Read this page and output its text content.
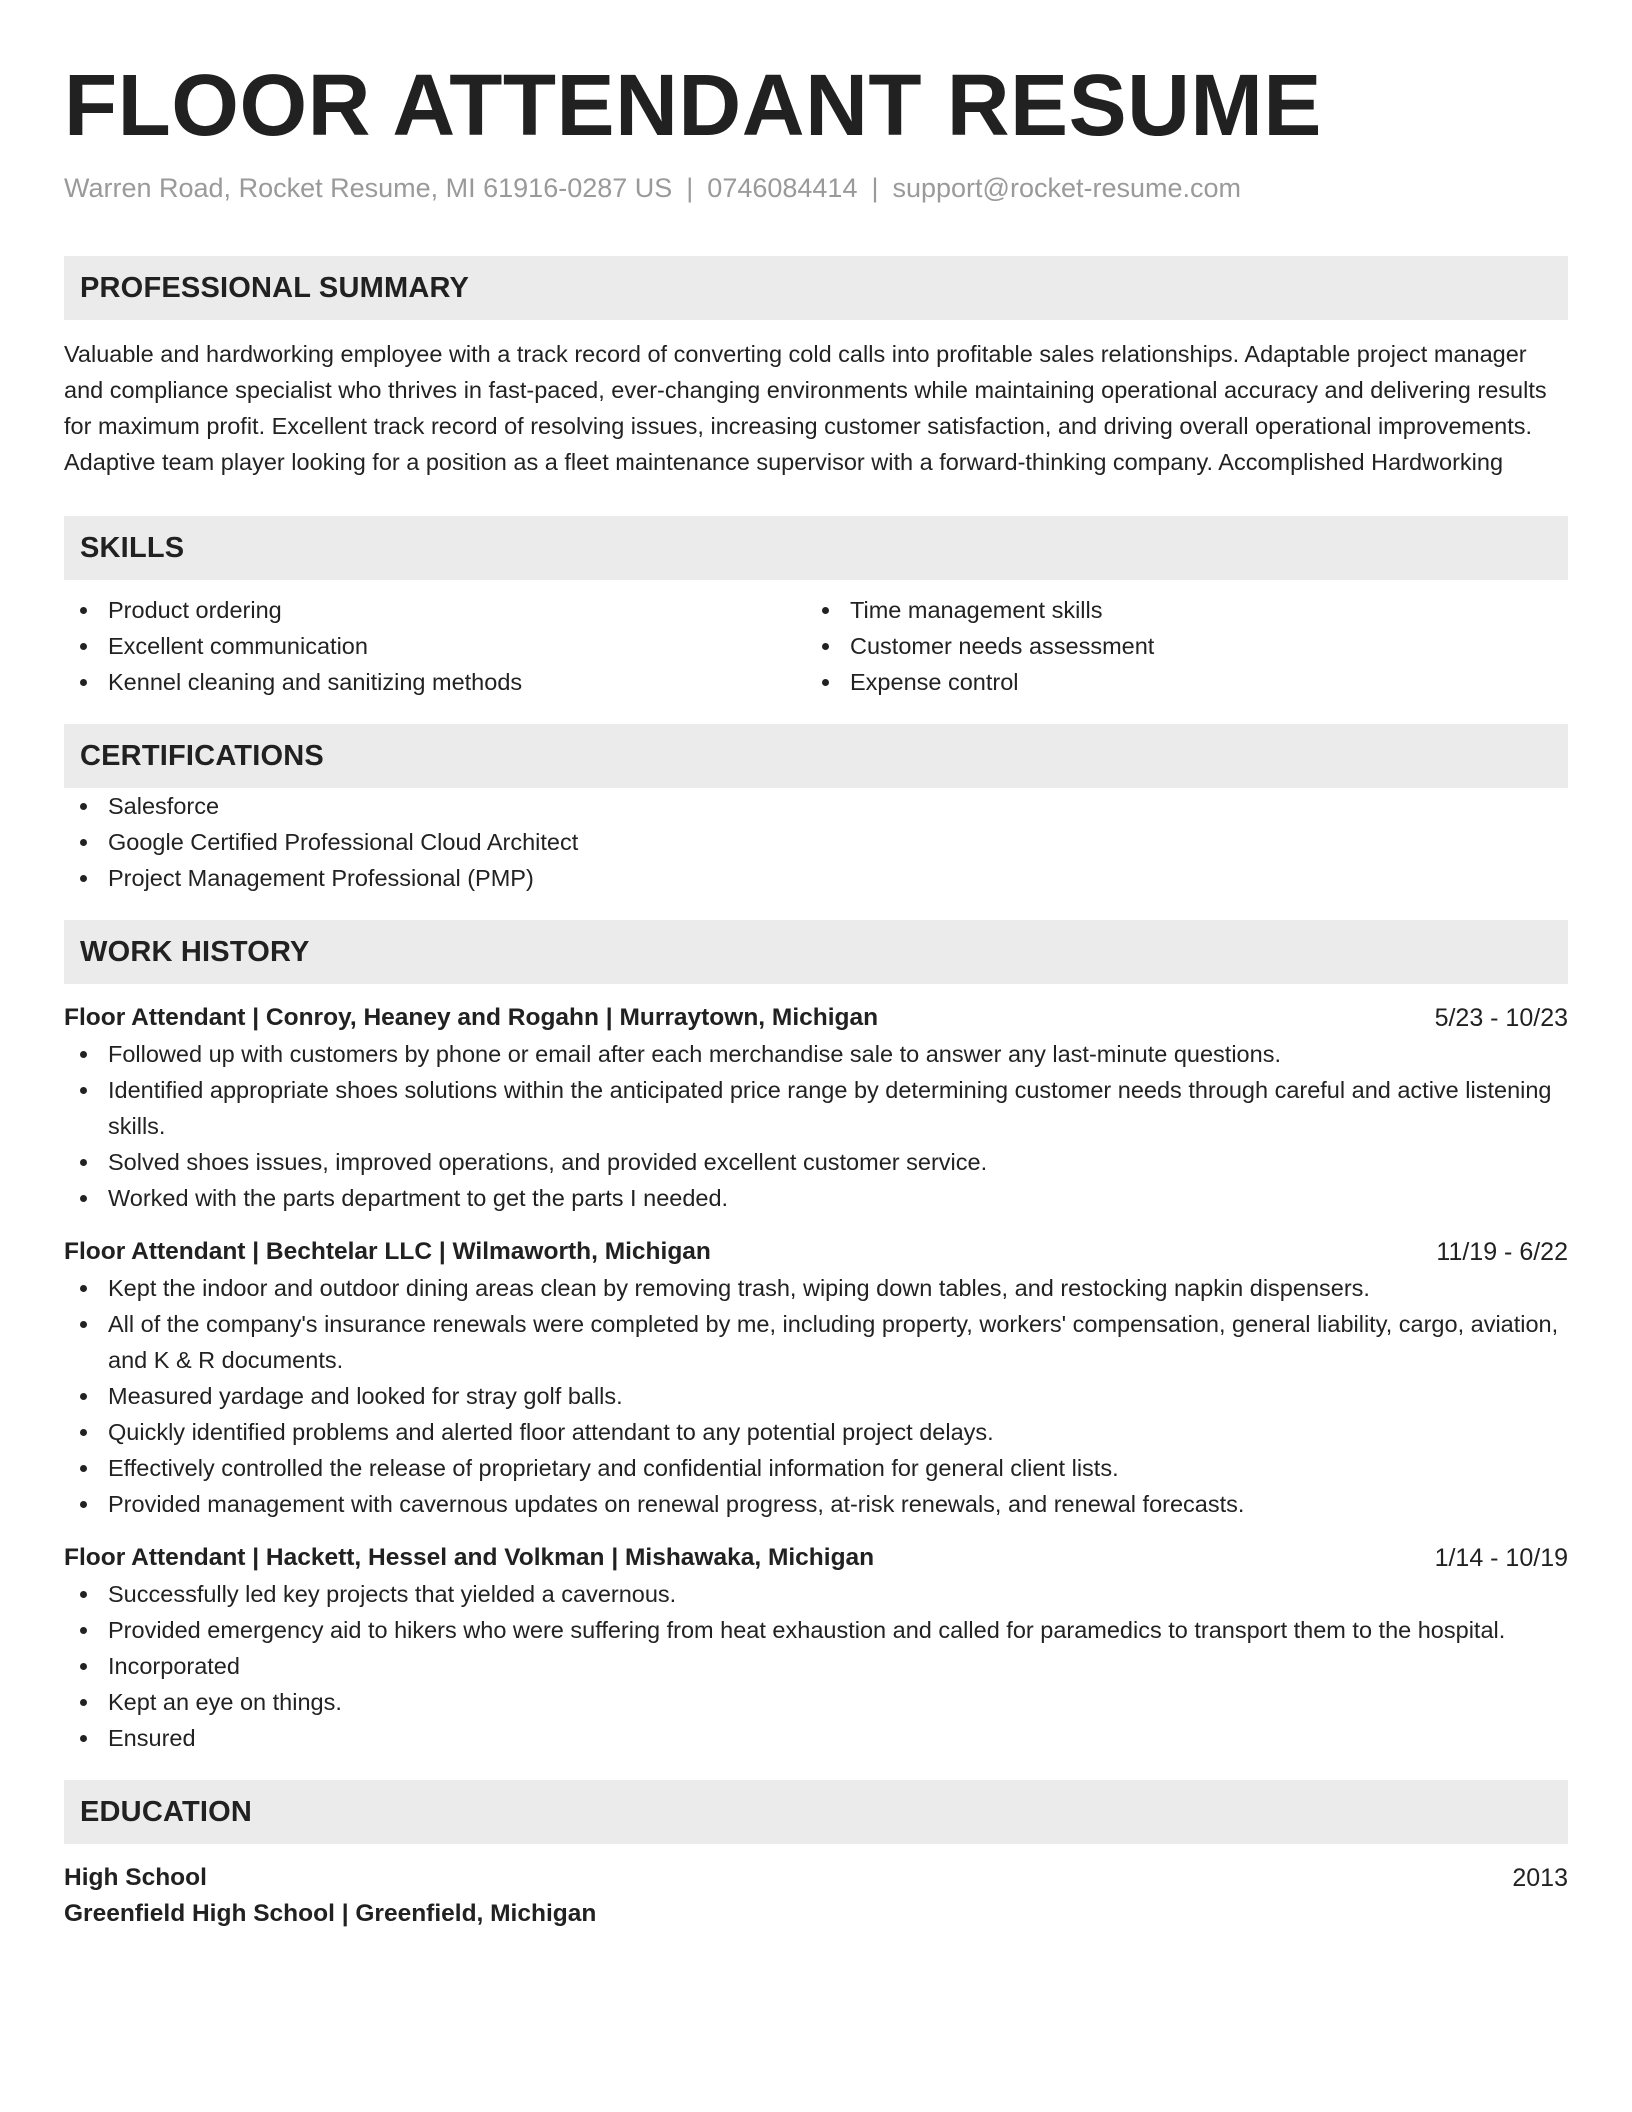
FLOOR ATTENDANT RESUME
Warren Road, Rocket Resume, MI 61916-0287 US | 0746084414 | support@rocket-resume.com
PROFESSIONAL SUMMARY
Valuable and hardworking employee with a track record of converting cold calls into profitable sales relationships. Adaptable project manager and compliance specialist who thrives in fast-paced, ever-changing environments while maintaining operational accuracy and delivering results for maximum profit. Excellent track record of resolving issues, increasing customer satisfaction, and driving overall operational improvements. Adaptive team player looking for a position as a fleet maintenance supervisor with a forward-thinking company. Accomplished Hardworking
SKILLS
Product ordering
Excellent communication
Kennel cleaning and sanitizing methods
Time management skills
Customer needs assessment
Expense control
CERTIFICATIONS
Salesforce
Google Certified Professional Cloud Architect
Project Management Professional (PMP)
WORK HISTORY
Floor Attendant | Conroy, Heaney and Rogahn | Murraytown, Michigan	5/23 - 10/23
Followed up with customers by phone or email after each merchandise sale to answer any last-minute questions.
Identified appropriate shoes solutions within the anticipated price range by determining customer needs through careful and active listening skills.
Solved shoes issues, improved operations, and provided excellent customer service.
Worked with the parts department to get the parts I needed.
Floor Attendant | Bechtelar LLC | Wilmaworth, Michigan	11/19 - 6/22
Kept the indoor and outdoor dining areas clean by removing trash, wiping down tables, and restocking napkin dispensers.
All of the company's insurance renewals were completed by me, including property, workers' compensation, general liability, cargo, aviation, and K & R documents.
Measured yardage and looked for stray golf balls.
Quickly identified problems and alerted floor attendant to any potential project delays.
Effectively controlled the release of proprietary and confidential information for general client lists.
Provided management with cavernous updates on renewal progress, at-risk renewals, and renewal forecasts.
Floor Attendant | Hackett, Hessel and Volkman | Mishawaka, Michigan	1/14 - 10/19
Successfully led key projects that yielded a cavernous.
Provided emergency aid to hikers who were suffering from heat exhaustion and called for paramedics to transport them to the hospital.
Incorporated
Kept an eye on things.
Ensured
EDUCATION
High School	2013
Greenfield High School | Greenfield, Michigan
